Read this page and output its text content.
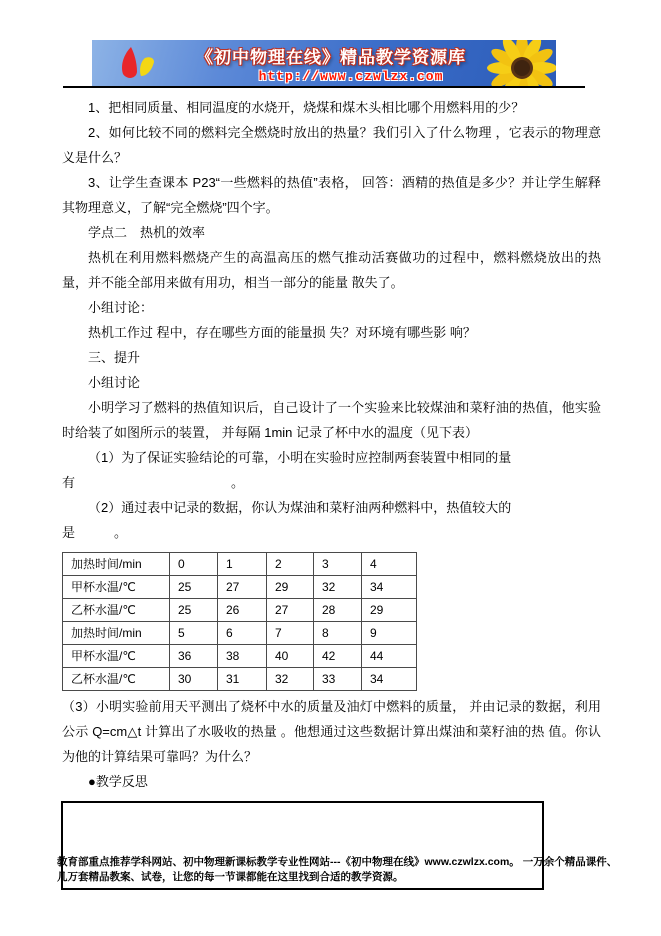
《初中物理在线》精品教学资源库
http://www.czwlzx.com

1、把相同质量、相同温度的水烧开，烧煤和煤木头相比哪个用燃料用的少？

2、如何比较不同的燃料完全燃烧时放出的热量？我们引入了什么物理 ，它表示的物理意义是什么？

3、让学生查课本 P23“一些燃料的热值”表格， 回答：酒精的热值是多少？并让学生解释其物理意义，了解“完全燃烧”四个字。

学点二　热机的效率

热机在利用燃料燃烧产生的高温高压的燃气推动活赛做功的过程中，燃料燃烧放出的热量，并不能全部用来做有用功，相当一部分的能量 散失了。

小组讨论：

热机工作过 程中，存在哪些方面的能量损 失？对环境有哪些影 响？

三、提升

小组讨论

小明学习了燃料的热值知识后，自己设计了一个实验来比较煤油和菜籽油的热值，他实验时给装了如图所示的装置， 并每隔 1min 记录了杯中水的温度（见下表）

（1）为了保证实验结论的可靠，小明在实验时应控制两套装置中相同的量

有　　　　　　　　　　　　。

（2）通过表中记录的数据，你认为煤油和菜籽油两种燃料中，热值较大的

是　　　。

加热时间/min	0	1	2	3	4
甲杯水温/℃	25	27	29	32	34
乙杯水温/℃	25	26	27	28	29
加热时间/min	5	6	7	8	9
甲杯水温/℃	36	38	40	42	44
乙杯水温/℃	30	31	32	33	34

（3）小明实验前用天平测出了烧杯中水的质量及油灯中燃料的质量， 并由记录的数据，利用公示 Q=cm△t 计算出了水吸收的热量 。他想通过这些数据计算出煤油和菜籽油的热 值。你认为他的计算结果可靠吗？为什么？

●教学反思

教育部重点推荐学科网站、初中物理新课标教学专业性网站---《初中物理在线》www.czwlzx.com。 一万余个精品课件、
几万套精品教案、试卷，让您的每一节课都能在这里找到合适的教学资源。
